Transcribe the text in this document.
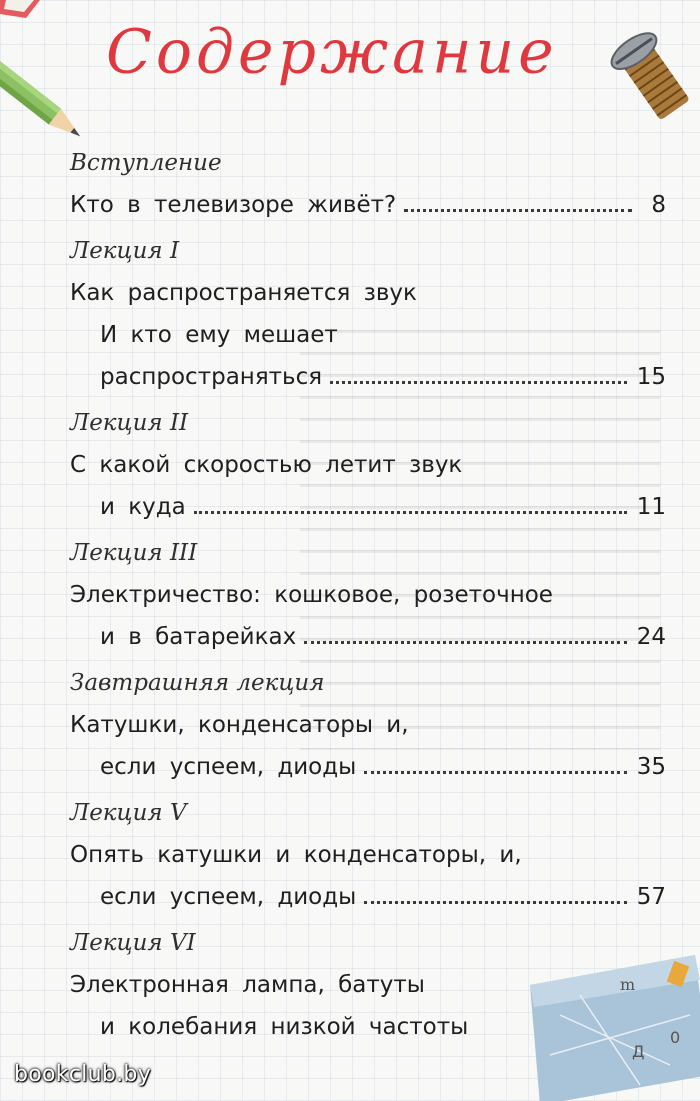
m
0
Д
Содержание
Вступление
Кто в телевизоре живёт?	8
Лекция I
Как распространяется звук
И кто ему мешает
распространяться	15
Лекция II
С какой скоростью летит звук
и куда	11
Лекция III
Электричество: кошковое, розеточное
и в батарейках	24
Завтрашняя лекция
Катушки, конденсаторы и,
если успеем, диоды	35
Лекция V
Опять катушки и конденсаторы, и,
если успеем, диоды	57
Лекция VI
Электронная лампа, батуты
и колебания низкой частоты
bookclub.by
